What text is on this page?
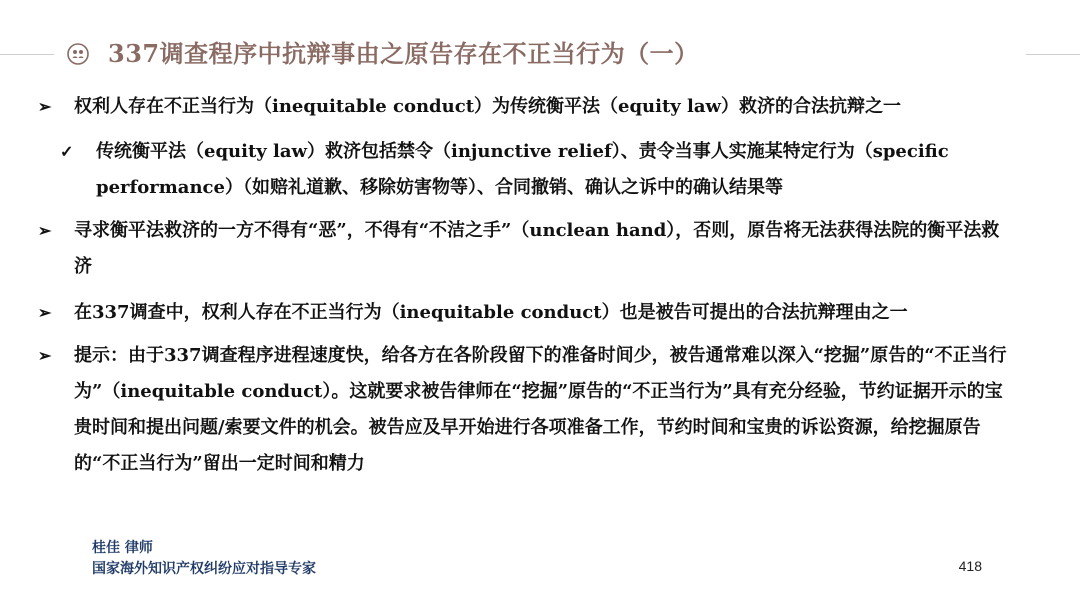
337调查程序中抗辩事由之原告存在不正当行为（一）
➢	权利人存在不正当行为（inequitable conduct）为传统衡平法（equity law）救济的合法抗辩之一
✓	传统衡平法（equity law）救济包括禁令（injunctive relief）、责令当事人实施某特定行为（specific performance）（如赔礼道歉、移除妨害物等）、合同撤销、确认之诉中的确认结果等
➢	寻求衡平法救济的一方不得有“恶”，不得有“不洁之手”（unclean hand），否则，原告将无法获得法院的衡平法救济
➢	在337调查中，权利人存在不正当行为（inequitable conduct）也是被告可提出的合法抗辩理由之一
➢	提示：由于337调查程序进程速度快，给各方在各阶段留下的准备时间少，被告通常难以深入“挖掘”原告的“不正当行为”（inequitable conduct）。这就要求被告律师在“挖掘”原告的“不正当行为”具有充分经验，节约证据开示的宝贵时间和提出问题/索要文件的机会。被告应及早开始进行各项准备工作，节约时间和宝贵的诉讼资源，给挖掘原告的“不正当行为”留出一定时间和精力
桂佳 律师
国家海外知识产权纠纷应对指导专家	418
